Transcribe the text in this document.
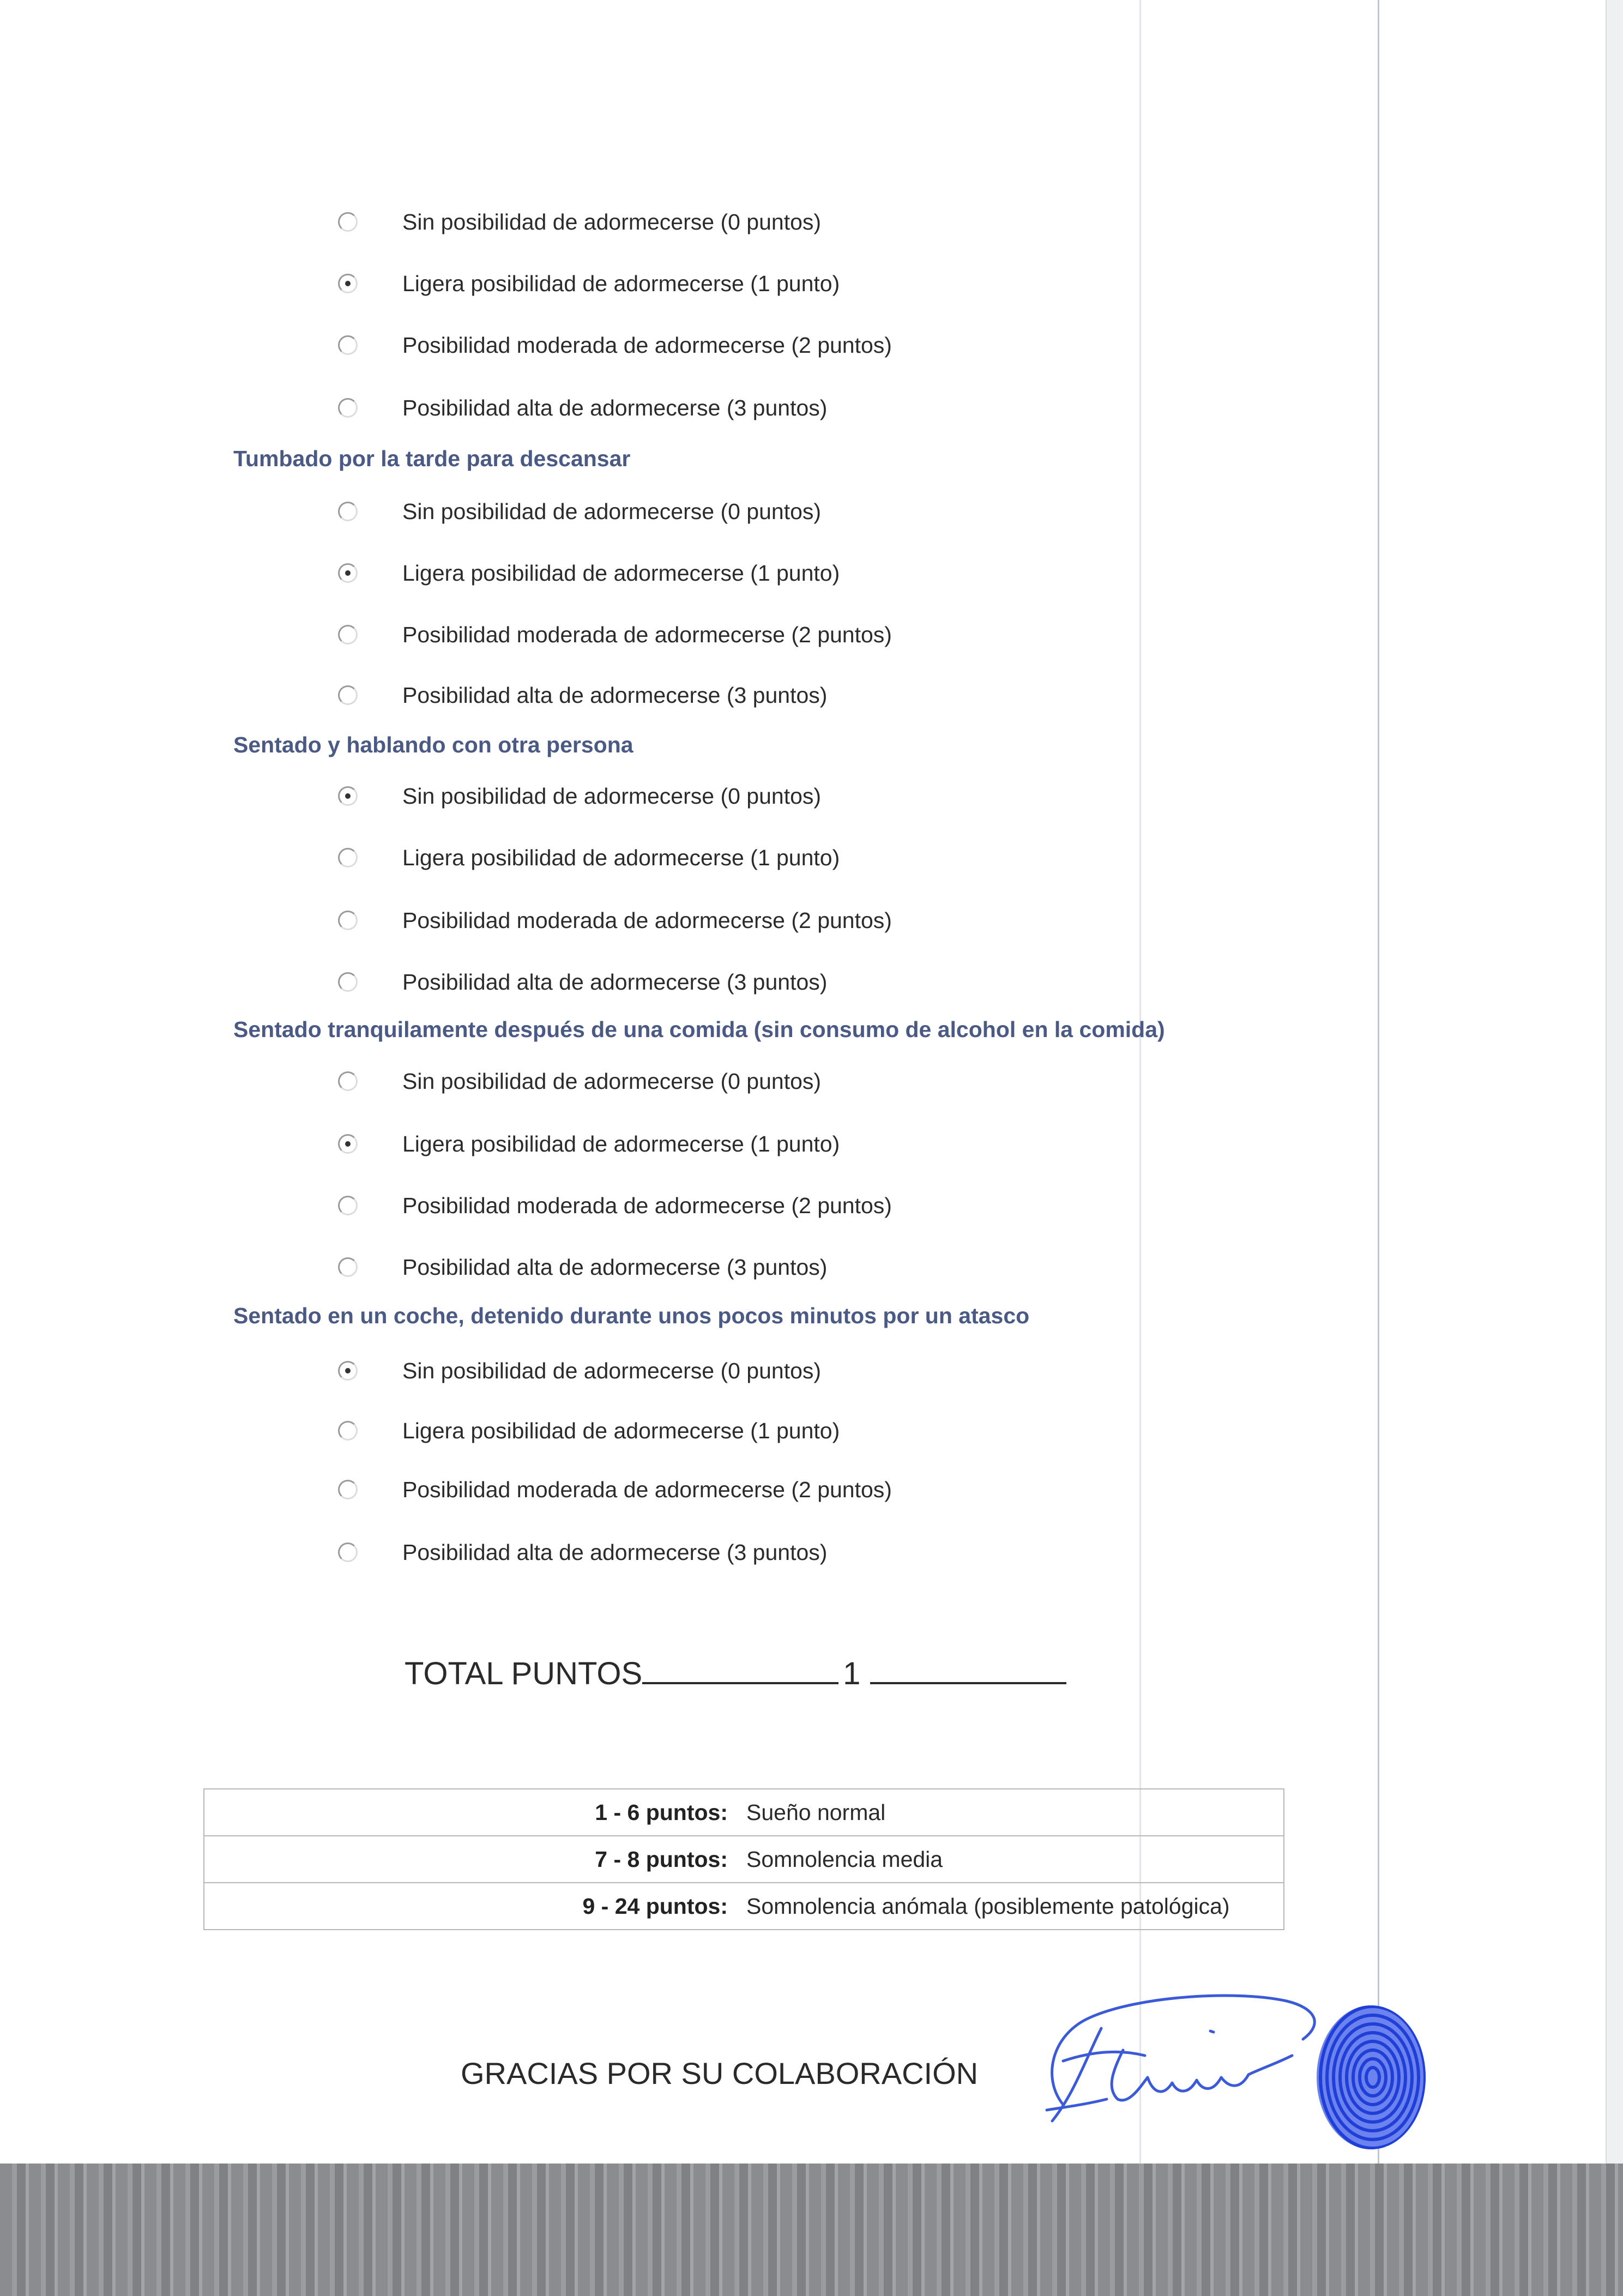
Sin posibilidad de adormecerse (0 puntos)
Ligera posibilidad de adormecerse (1 punto)
Posibilidad moderada de adormecerse (2 puntos)
Posibilidad alta de adormecerse (3 puntos)
Tumbado por la tarde para descansar
Sin posibilidad de adormecerse (0 puntos)
Ligera posibilidad de adormecerse (1 punto)
Posibilidad moderada de adormecerse (2 puntos)
Posibilidad alta de adormecerse (3 puntos)
Sentado y hablando con otra persona
Sin posibilidad de adormecerse (0 puntos)
Ligera posibilidad de adormecerse (1 punto)
Posibilidad moderada de adormecerse (2 puntos)
Posibilidad alta de adormecerse (3 puntos)
Sentado tranquilamente después de una comida (sin consumo de alcohol en la comida)
Sin posibilidad de adormecerse (0 puntos)
Ligera posibilidad de adormecerse (1 punto)
Posibilidad moderada de adormecerse (2 puntos)
Posibilidad alta de adormecerse (3 puntos)
Sentado en un coche, detenido durante unos pocos minutos por un atasco
Sin posibilidad de adormecerse (0 puntos)
Ligera posibilidad de adormecerse (1 punto)
Posibilidad moderada de adormecerse (2 puntos)
Posibilidad alta de adormecerse (3 puntos)
TOTAL PUNTOS	1
1 - 6 puntos:	Sueño normal
7 - 8 puntos:	Somnolencia media
9 - 24 puntos:	Somnolencia anómala (posiblemente patológica)
GRACIAS POR SU COLABORACIÓN
